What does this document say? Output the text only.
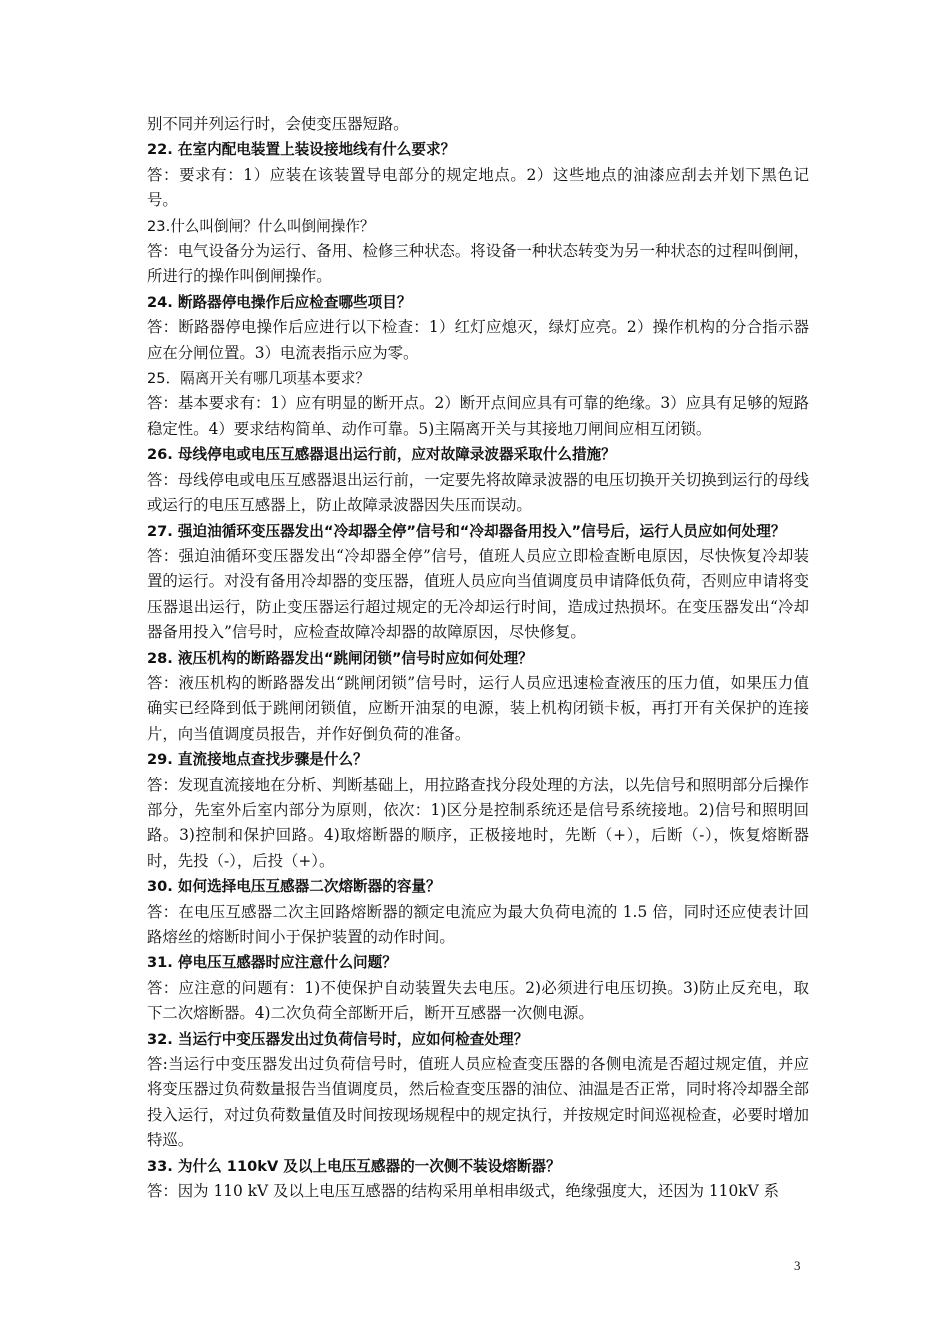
别不同并列运行时，会使变压器短路。

22. 在室内配电装置上装设接地线有什么要求？

答：要求有：1）应装在该装置导电部分的规定地点。2）这些地点的油漆应刮去并划下黑色记号。

23.什么叫倒闸？什么叫倒闸操作？

答：电气设备分为运行、备用、检修三种状态。将设备一种状态转变为另一种状态的过程叫倒闸，所进行的操作叫倒闸操作。

24. 断路器停电操作后应检查哪些项目？

答：断路器停电操作后应进行以下检查：1）红灯应熄灭，绿灯应亮。2）操作机构的分合指示器应在分闸位置。3）电流表指示应为零。

25．隔离开关有哪几项基本要求？

答：基本要求有：1）应有明显的断开点。2）断开点间应具有可靠的绝缘。3）应具有足够的短路稳定性。4）要求结构简单、动作可靠。5)主隔离开关与其接地刀闸间应相互闭锁。

26. 母线停电或电压互感器退出运行前，应对故障录波器采取什么措施？

答：母线停电或电压互感器退出运行前，一定要先将故障录波器的电压切换开关切换到运行的母线或运行的电压互感器上，防止故障录波器因失压而误动。

27. 强迫油循环变压器发出“冷却器全停”信号和“冷却器备用投入”信号后，运行人员应如何处理？

答：强迫油循环变压器发出“冷却器全停”信号，值班人员应立即检查断电原因，尽快恢复冷却装置的运行。对没有备用冷却器的变压器，值班人员应向当值调度员申请降低负荷，否则应申请将变压器退出运行，防止变压器运行超过规定的无冷却运行时间，造成过热损坏。在变压器发出“冷却器备用投入”信号时，应检查故障冷却器的故障原因，尽快修复。

28. 液压机构的断路器发出“跳闸闭锁”信号时应如何处理？

答：液压机构的断路器发出“跳闸闭锁”信号时，运行人员应迅速检查液压的压力值，如果压力值确实已经降到低于跳闸闭锁值，应断开油泵的电源，装上机构闭锁卡板，再打开有关保护的连接片，向当值调度员报告，并作好倒负荷的准备。

29. 直流接地点查找步骤是什么？

答：发现直流接地在分析、判断基础上，用拉路查找分段处理的方法，以先信号和照明部分后操作部分，先室外后室内部分为原则，依次：1)区分是控制系统还是信号系统接地。2)信号和照明回路。3)控制和保护回路。4)取熔断器的顺序，正极接地时，先断（+），后断（-），恢复熔断器时，先投（-），后投（+）。

30. 如何选择电压互感器二次熔断器的容量？

答：在电压互感器二次主回路熔断器的额定电流应为最大负荷电流的 1.5 倍，同时还应使表计回路熔丝的熔断时间小于保护装置的动作时间。

31. 停电压互感器时应注意什么问题？

答：应注意的问题有：1)不使保护自动装置失去电压。2)必须进行电压切换。3)防止反充电，取下二次熔断器。4)二次负荷全部断开后，断开互感器一次侧电源。

32. 当运行中变压器发出过负荷信号时，应如何检查处理？

答:当运行中变压器发出过负荷信号时，值班人员应检查变压器的各侧电流是否超过规定值，并应将变压器过负荷数量报告当值调度员，然后检查变压器的油位、油温是否正常，同时将冷却器全部投入运行，对过负荷数量值及时间按现场规程中的规定执行，并按规定时间巡视检查，必要时增加特巡。

33. 为什么 110kV 及以上电压互感器的一次侧不装设熔断器？

答：因为 110 kV 及以上电压互感器的结构采用单相串级式，绝缘强度大，还因为 110kV 系

3
